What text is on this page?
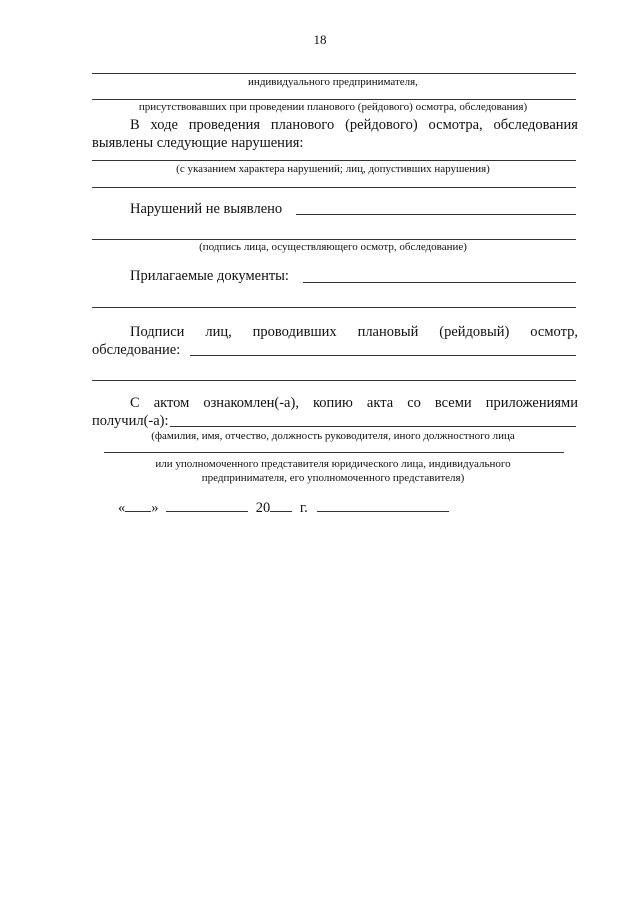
18
индивидуального предпринимателя,
присутствовавших при проведении планового (рейдового) осмотра, обследования)
В ходе проведения планового (рейдового) осмотра, обследования
выявлены следующие нарушения:
(с указанием характера нарушений; лиц, допустивших нарушения)
Нарушений не выявлено
(подпись лица, осуществляющего осмотр, обследование)
Прилагаемые документы:
Подписи лиц, проводивших плановый (рейдовый) осмотр,
обследование:
С актом ознакомлен(-а), копию акта со всеми приложениями
получил(-а):
(фамилия, имя, отчество, должность руководителя, иного должностного лица
или уполномоченного представителя юридического лица, индивидуального
предпринимателя, его уполномоченного представителя)
« »	20 г.
